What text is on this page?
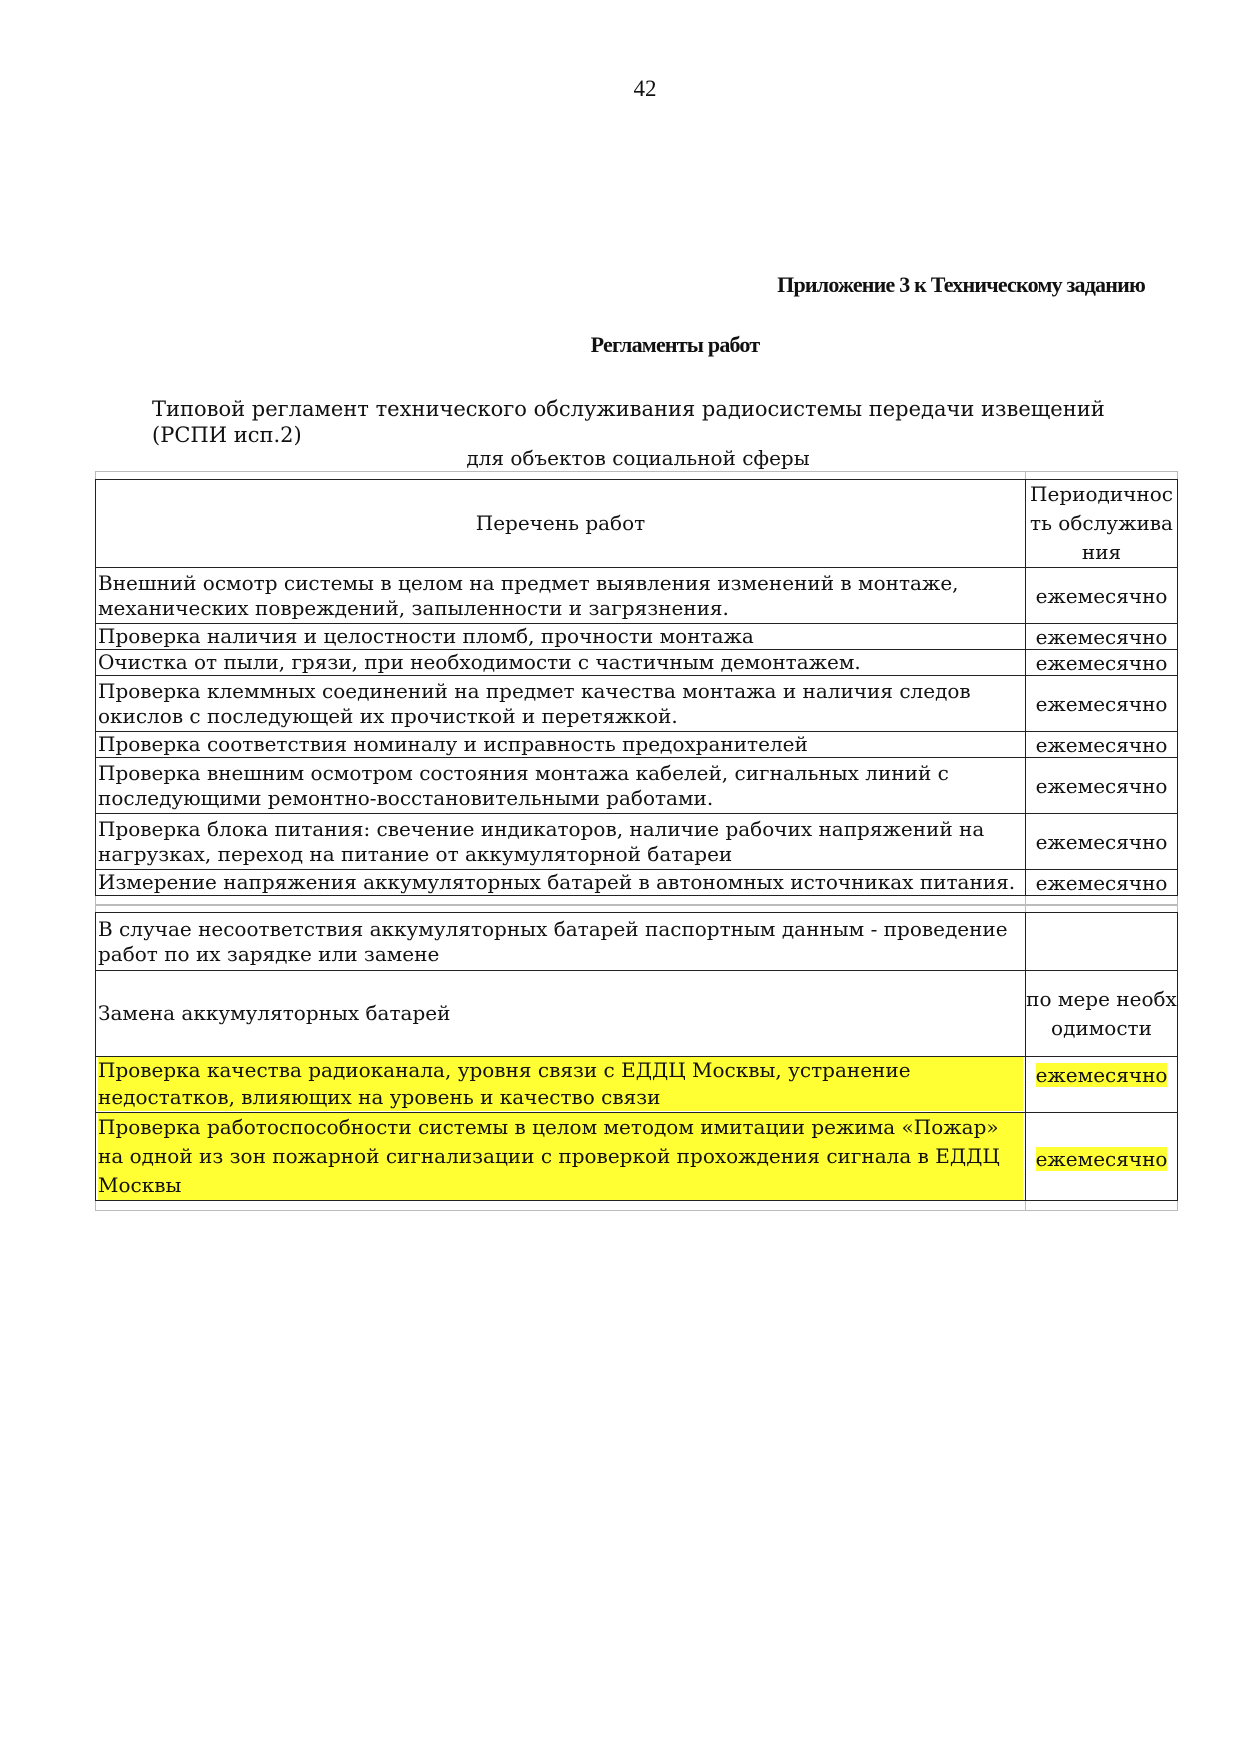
42
Приложение 3 к Техническому заданию
Регламенты работ
Типовой регламент технического обслуживания радиосистемы передачи извещений (РСПИ исп.2)
для объектов социальной сферы

Перечень работ	Периодичность обслуживания

Внешний осмотр системы в целом на предмет выявления изменений в монтаже, механических повреждений, запыленности и загрязнения.	ежемесячно
Проверка наличия и целостности пломб, прочности монтажа	ежемесячно
Очистка от пыли, грязи, при необходимости с частичным демонтажем.	ежемесячно

Проверка клеммных соединений на предмет качества монтажа и наличия следов окислов с последующей их прочисткой и перетяжкой.	ежемесячно
Проверка соответствия номиналу и исправность предохранителей	ежемесячно

Проверка внешним осмотром состояния монтажа кабелей, сигнальных линий с последующими ремонтно-восстановительными работами.	ежемесячно

Проверка блока питания: свечение индикаторов, наличие рабочих напряжений на нагрузках, переход на питание от аккумуляторной батареи	ежемесячно
Измерение напряжения аккумуляторных батарей в автономных источниках питания.	ежемесячно

В случае несоответствия аккумуляторных батарей паспортным данным - проведение работ по их зарядке или замене	

Замена аккумуляторных батарей	по мере необходимости

Проверка качества радиоканала, уровня связи с ЕДДЦ Москвы, устранение недостатков, влияющих на уровень и качество связи	ежемесячно

Проверка работоспособности системы в целом методом имитации режима «Пожар» на одной из зон пожарной сигнализации с проверкой прохождения сигнала в ЕДДЦ Москвы	ежемесячно
